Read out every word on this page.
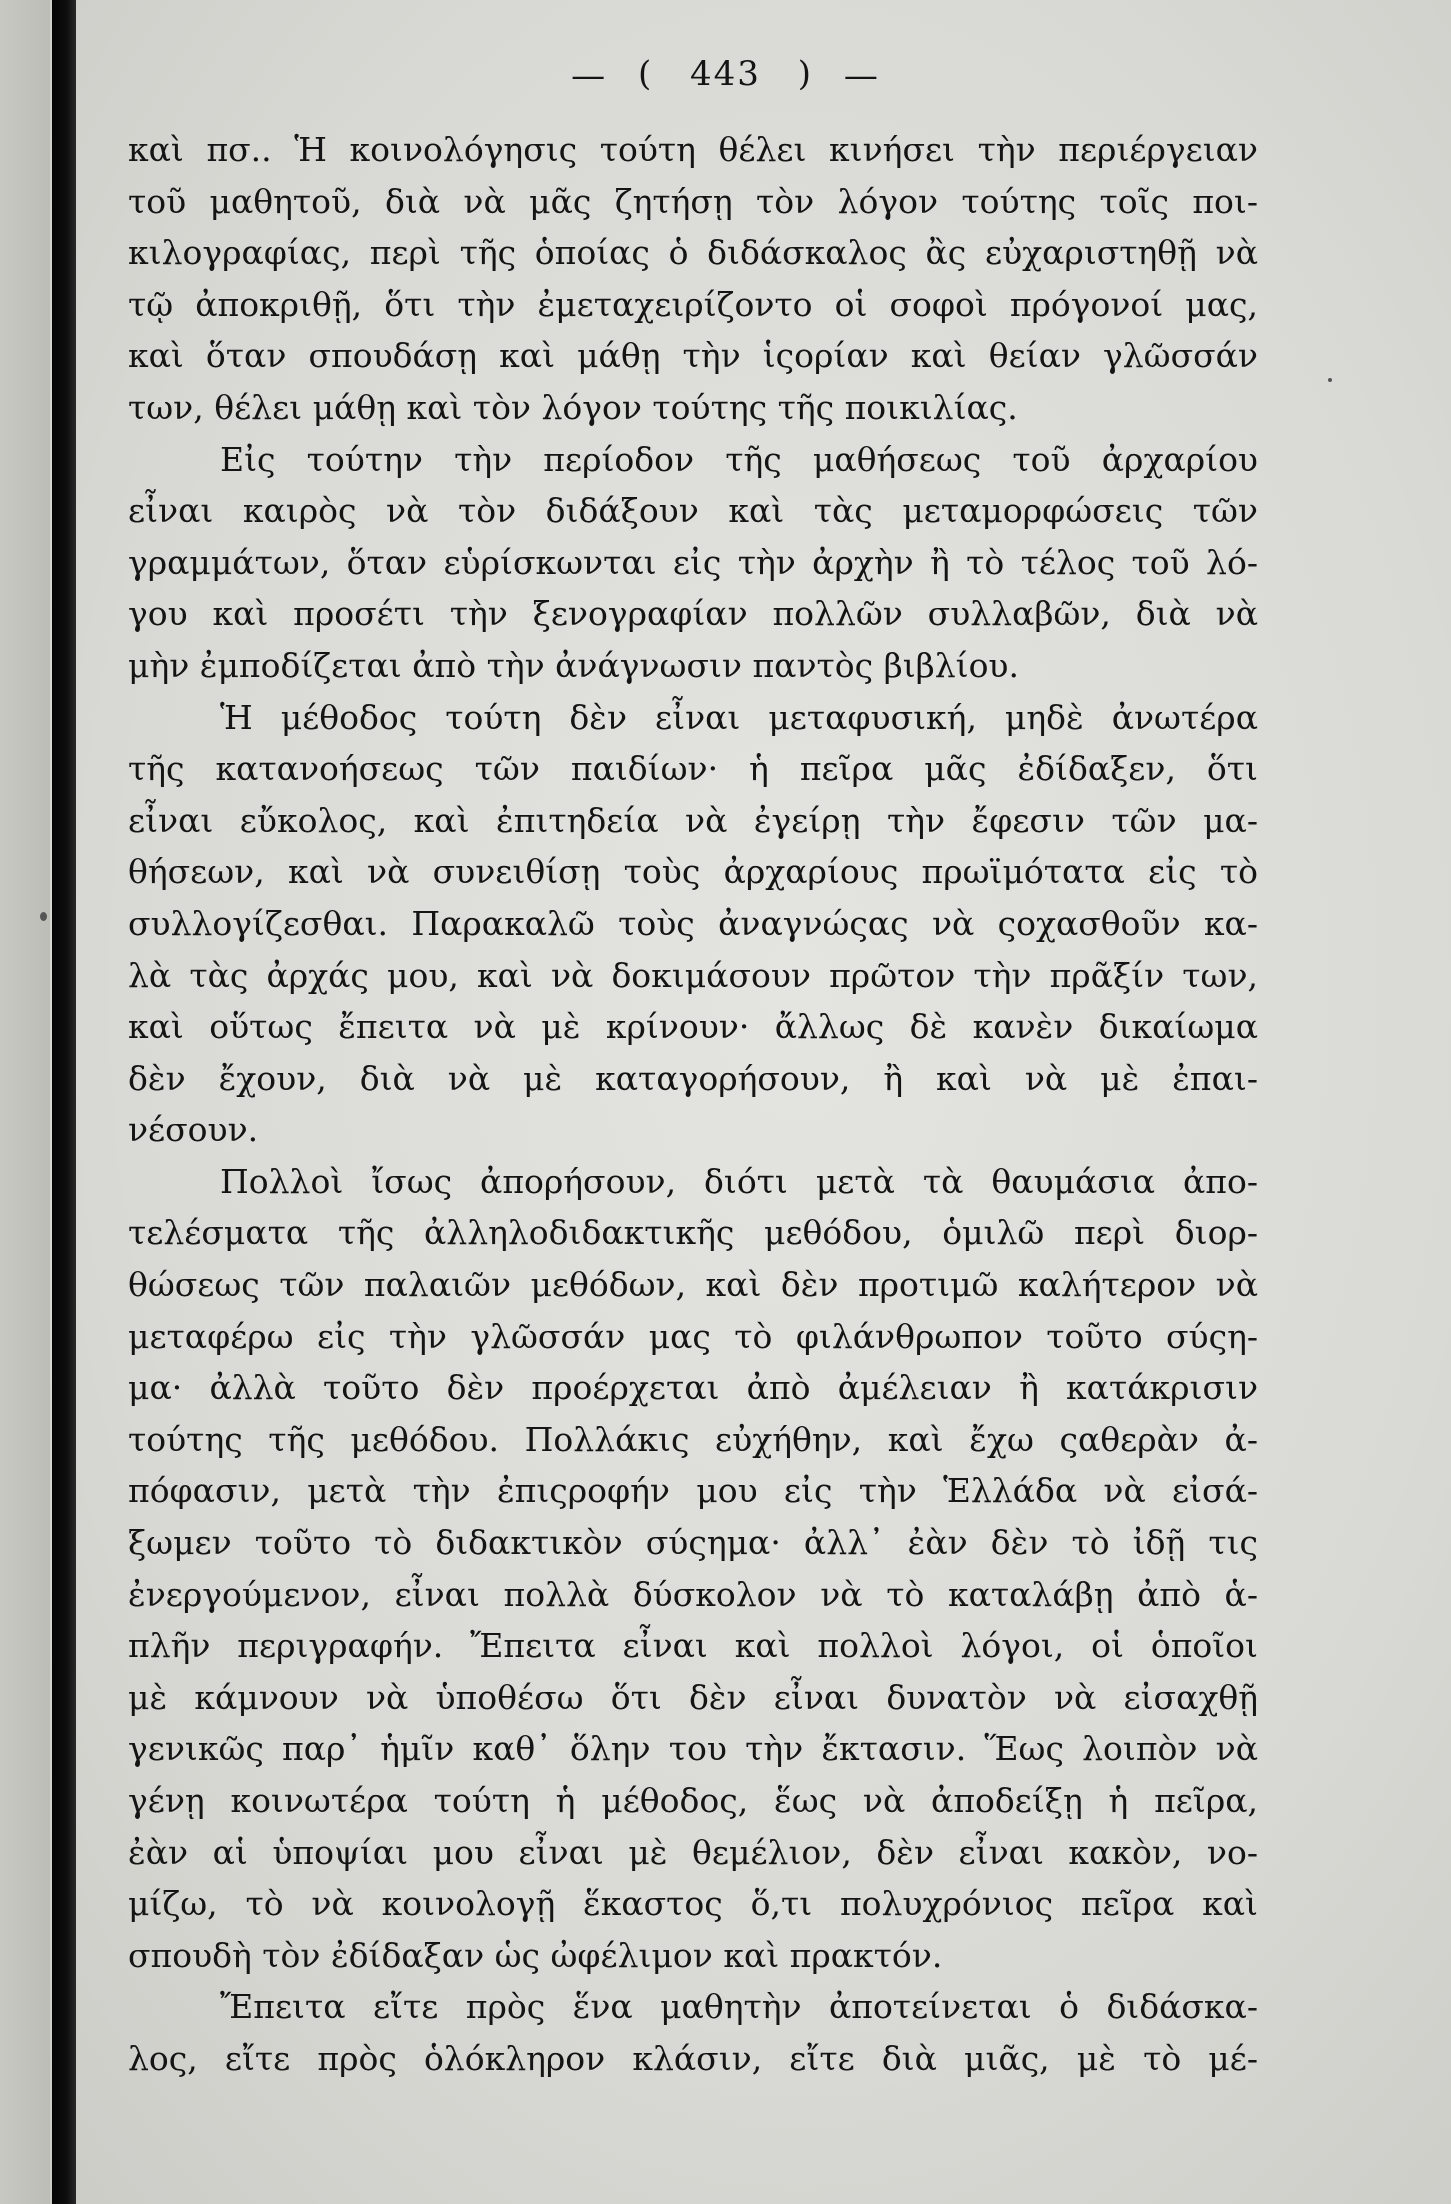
— ( 443 ) —
καὶ πσ.. Ἡ κοινολόγησις τούτη θέλει κινήσει τὴν περιέργειαν
τοῦ μαθητοῦ, διὰ νὰ μᾶς ζητήσῃ τὸν λόγον τούτης τοῖς ποι-
κιλογραφίας, περὶ τῆς ὁποίας ὁ διδάσκαλος ἂς εὐχαριστηθῇ νὰ
τῷ ἀποκριθῇ, ὅτι τὴν ἐμεταχειρίζοντο οἱ σοφοὶ πρόγονοί μας,
καὶ ὅταν σπουδάσῃ καὶ μάθῃ τὴν ἱςορίαν καὶ θείαν γλῶσσάν
των, θέλει μάθῃ καὶ τὸν λόγον τούτης τῆς ποικιλίας.
Εἰς τούτην τὴν περίοδον τῆς μαθήσεως τοῦ ἀρχαρίου
εἶναι καιρὸς νὰ τὸν διδάξουν καὶ τὰς μεταμορφώσεις τῶν
γραμμάτων, ὅταν εὑρίσκωνται εἰς τὴν ἀρχὴν ἢ τὸ τέλος τοῦ λό-
γου καὶ προσέτι τὴν ξενογραφίαν πολλῶν συλλαβῶν, διὰ νὰ
μὴν ἐμποδίζεται ἀπὸ τὴν ἀνάγνωσιν παντὸς βιβλίου.
Ἡ μέθοδος τούτη δὲν εἶναι μεταφυσική, μηδὲ ἀνωτέρα
τῆς κατανοήσεως τῶν παιδίων· ἡ πεῖρα μᾶς ἐδίδαξεν, ὅτι
εἶναι εὔκολος, καὶ ἐπιτηδεία νὰ ἐγείρῃ τὴν ἔφεσιν τῶν μα-
θήσεων, καὶ νὰ συνειθίσῃ τοὺς ἀρχαρίους πρωϊμότατα εἰς τὸ
συλλογίζεσθαι. Παρακαλῶ τοὺς ἀναγνώςας νὰ ςοχασθοῦν κα-
λὰ τὰς ἀρχάς μου, καὶ νὰ δοκιμάσουν πρῶτον τὴν πρᾶξίν των,
καὶ οὕτως ἔπειτα νὰ μὲ κρίνουν· ἄλλως δὲ κανὲν δικαίωμα
δὲν ἔχουν, διὰ νὰ μὲ καταγορήσουν, ἢ καὶ νὰ μὲ ἐπαι-
νέσουν.
Πολλοὶ ἴσως ἀπορήσουν, διότι μετὰ τὰ θαυμάσια ἀπο-
τελέσματα τῆς ἀλληλοδιδακτικῆς μεθόδου, ὁμιλῶ περὶ διορ-
θώσεως τῶν παλαιῶν μεθόδων, καὶ δὲν προτιμῶ καλήτερον νὰ
μεταφέρω εἰς τὴν γλῶσσάν μας τὸ φιλάνθρωπον τοῦτο σύςη-
μα· ἀλλὰ τοῦτο δὲν προέρχεται ἀπὸ ἀμέλειαν ἢ κατάκρισιν
τούτης τῆς μεθόδου. Πολλάκις εὐχήθην, καὶ ἔχω ςαθερὰν ἀ-
πόφασιν, μετὰ τὴν ἐπιςροφήν μου εἰς τὴν Ἑλλάδα νὰ εἰσά-
ξωμεν τοῦτο τὸ διδακτικὸν σύςημα· ἀλλ᾽ ἐὰν δὲν τὸ ἰδῇ τις
ἐνεργούμενον, εἶναι πολλὰ δύσκολον νὰ τὸ καταλάβῃ ἀπὸ ἁ-
πλῆν περιγραφήν. Ἔπειτα εἶναι καὶ πολλοὶ λόγοι, οἱ ὁποῖοι
μὲ κάμνουν νὰ ὑποθέσω ὅτι δὲν εἶναι δυνατὸν νὰ εἰσαχθῇ
γενικῶς παρ᾽ ἡμῖν καθ᾽ ὅλην του τὴν ἔκτασιν. Ἕως λοιπὸν νὰ
γένῃ κοινωτέρα τούτη ἡ μέθοδος, ἕως νὰ ἀποδείξῃ ἡ πεῖρα,
ἐὰν αἱ ὑποψίαι μου εἶναι μὲ θεμέλιον, δὲν εἶναι κακὸν, νο-
μίζω, τὸ νὰ κοινολογῇ ἕκαστος ὅ,τι πολυχρόνιος πεῖρα καὶ
σπουδὴ τὸν ἐδίδαξαν ὡς ὠφέλιμον καὶ πρακτόν.
Ἔπειτα εἴτε πρὸς ἕνα μαθητὴν ἀποτείνεται ὁ διδάσκα-
λος, εἴτε πρὸς ὁλόκληρον κλάσιν, εἴτε διὰ μιᾶς, μὲ τὸ μέ-
